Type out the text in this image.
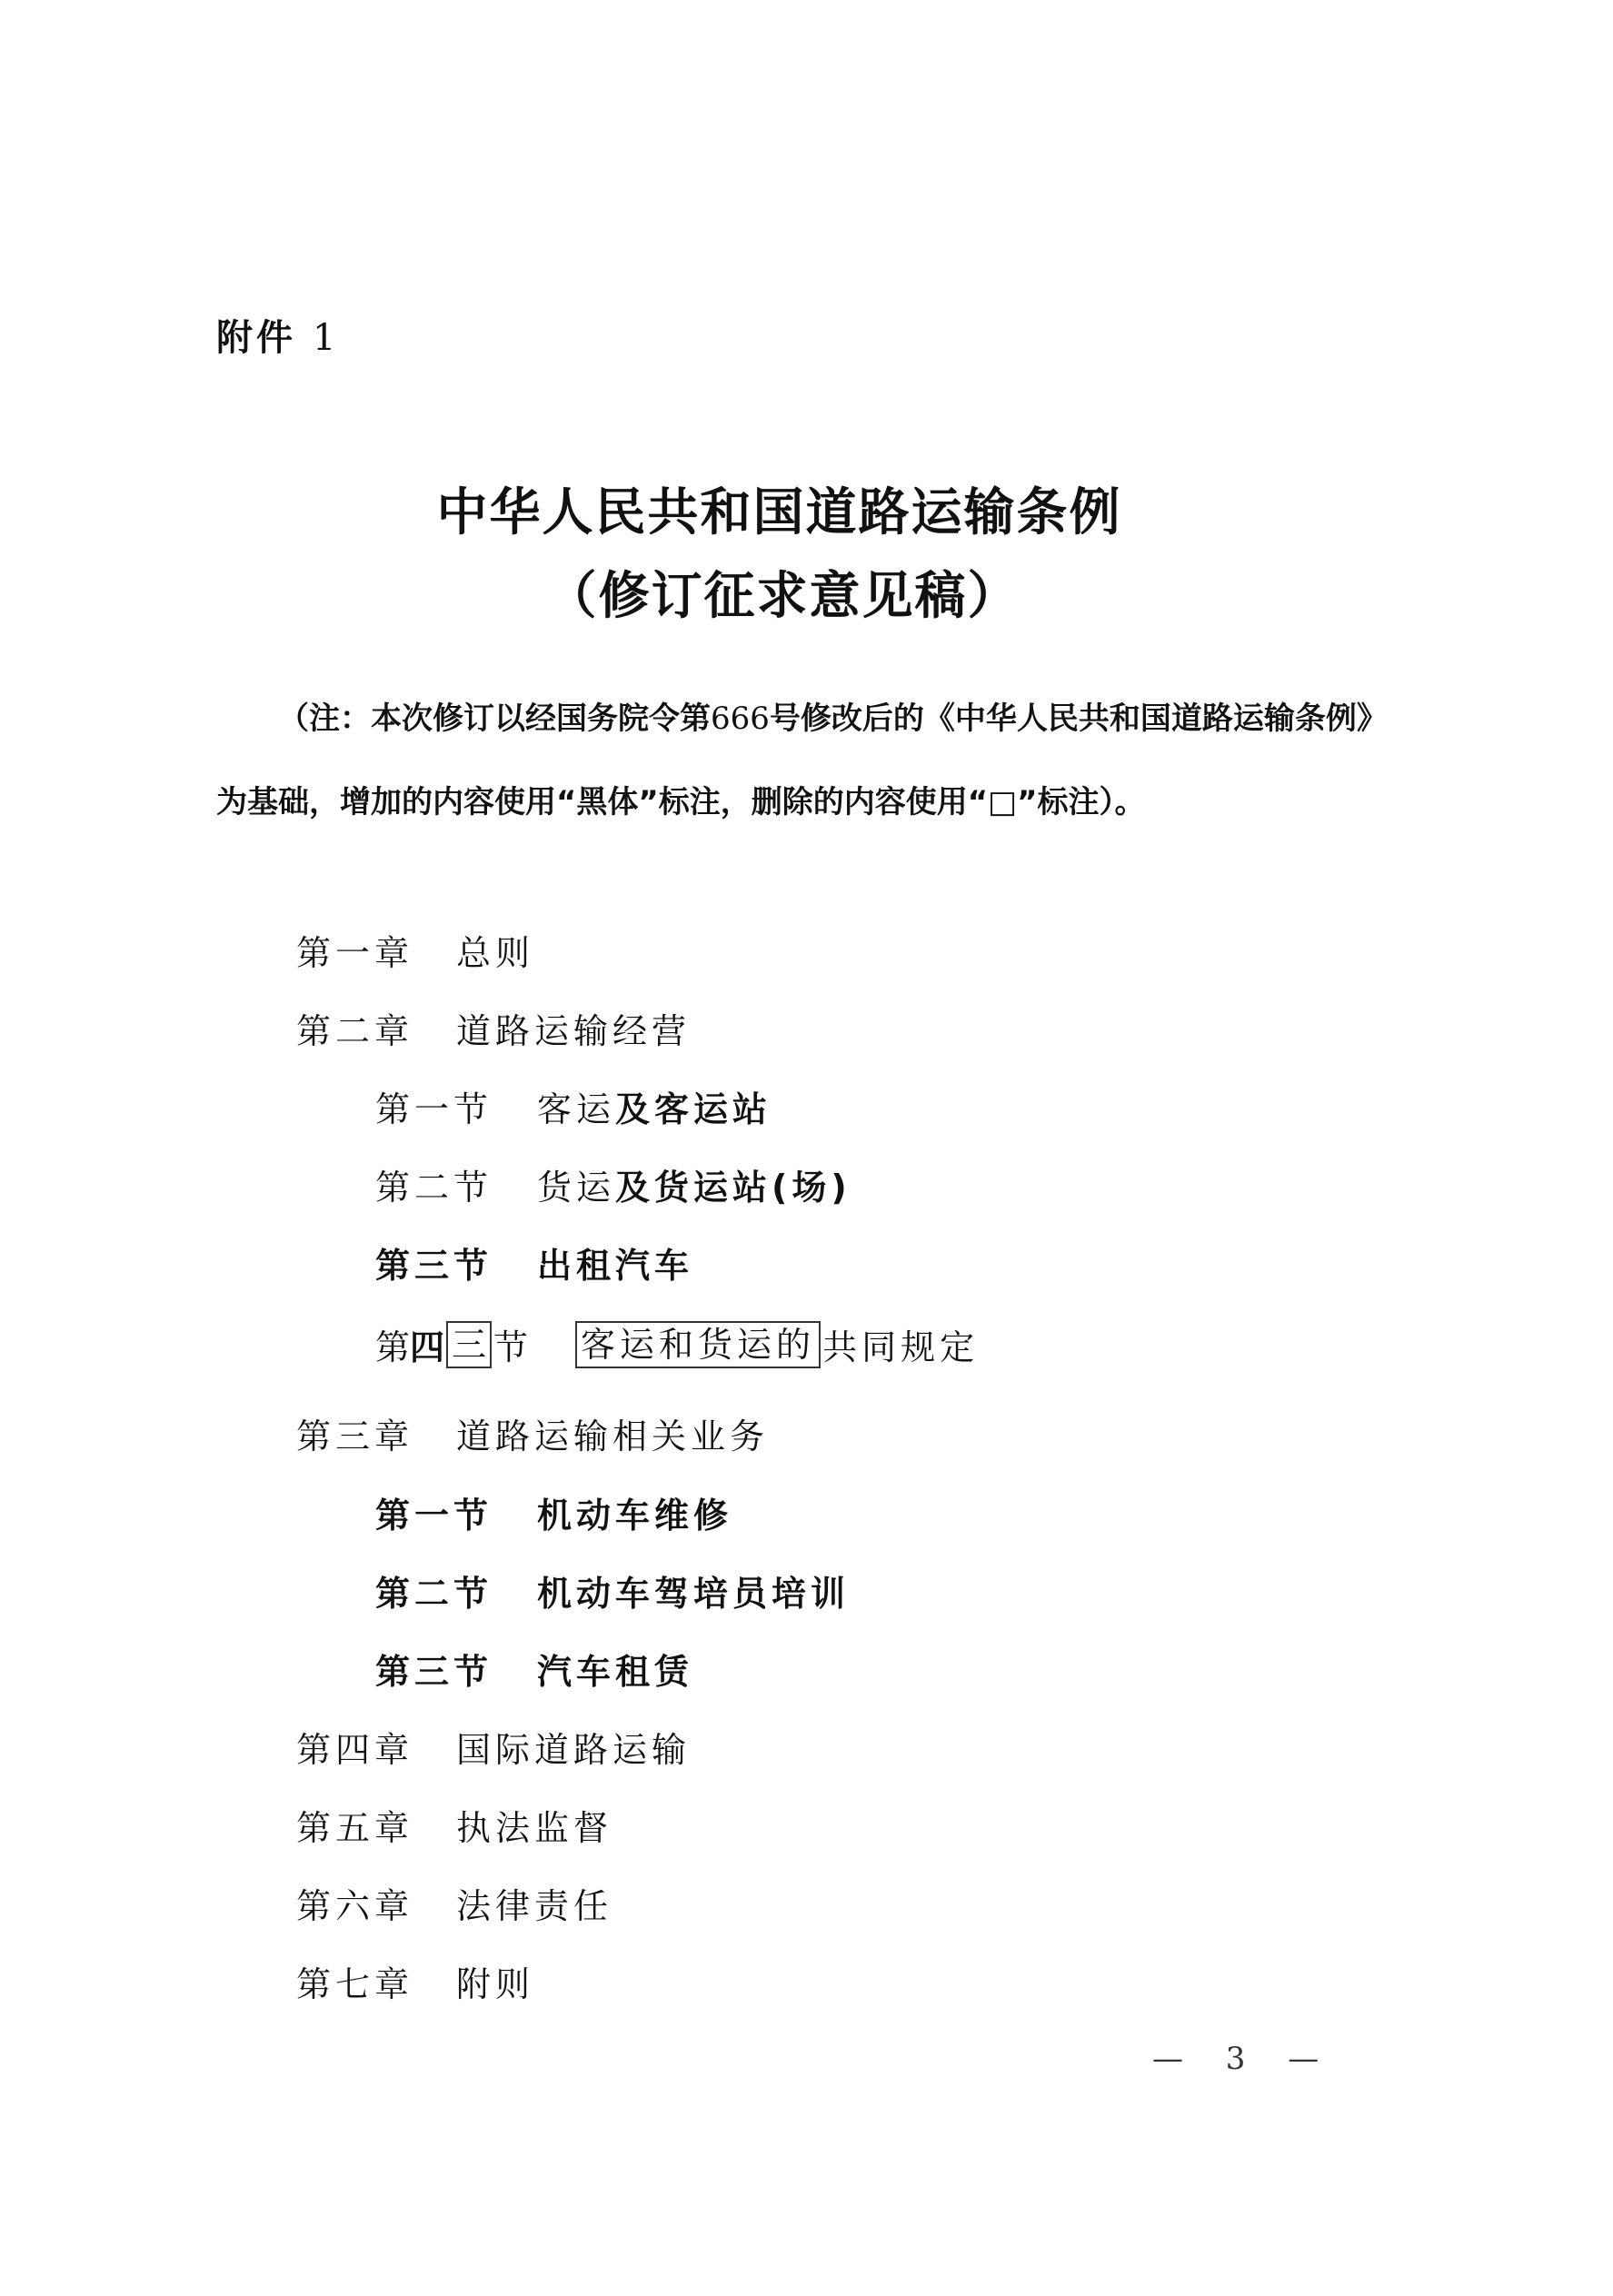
附件 1
中华人民共和国道路运输条例
（修订征求意见稿）
（注：本次修订以经国务院令第666号修改后的《中华人民共和国道路运输条例》为基础，增加的内容使用“黑体”标注，删除的内容使用“□”标注）。
第一章	总则
第二章	道路运输经营
第一节	客运 及客运站
第二节	货运 及货运站(场)
第三节	出租汽车
第 四 三 节	客运和货运的 共同规定
第三章	道路运输相关业务
第一节	机动车维修
第二节	机动车驾培员培训
第三节	汽车租赁
第四章	国际道路运输
第五章	执法监督
第六章	法律责任
第七章	附则
— 3 —
